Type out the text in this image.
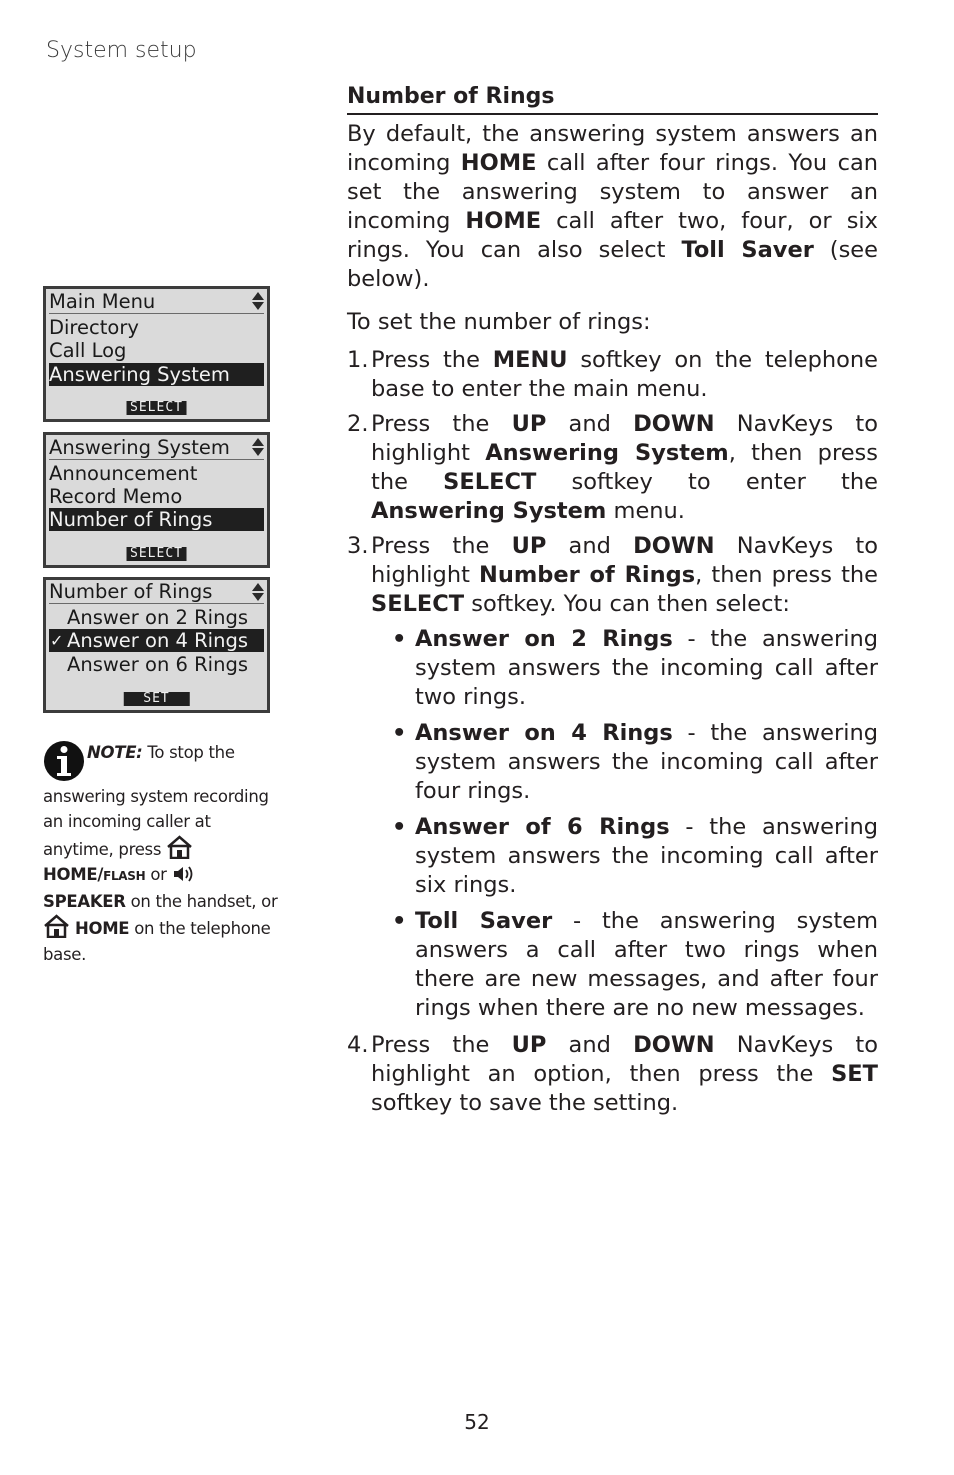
System setup
Main Menu
Directory
Call Log
Answering System
SELECT
Answering System
Announcement
Record Memo
Number of Rings
SELECT
Number of Rings
Answer on 2 Rings
✓ Answer on 4 Rings
Answer on 6 Rings
SET
NOTE: To stop the answering system recording an incoming caller at anytime, press  HOME/FLASH or
SPEAKER on the handset, or  HOME on the telephone base.
Number of Rings

By default, the answering system answers an incoming HOME call after four rings. You can set the answering system to answer an incoming HOME call after two, four, or six rings. You can also select Toll Saver (see below).

To set the number of rings:

1. Press the MENU softkey on the telephone base to enter the main menu.
2. Press the UP and DOWN NavKeys to highlight Answering System, then press the SELECT softkey to enter the Answering System menu.
3. Press the UP and DOWN NavKeys to highlight Number of Rings, then press the SELECT softkey. You can then select:
• Answer on 2 Rings - the answering system answers the incoming call after two rings.
• Answer on 4 Rings - the answering system answers the incoming call after four rings.
• Answer of 6 Rings - the answering system answers the incoming call after six rings.
• Toll Saver - the answering system answers a call after two rings when there are new messages, and after four rings when there are no new messages.
4. Press the UP and DOWN NavKeys to highlight an option, then press the SET softkey to save the setting.
52
